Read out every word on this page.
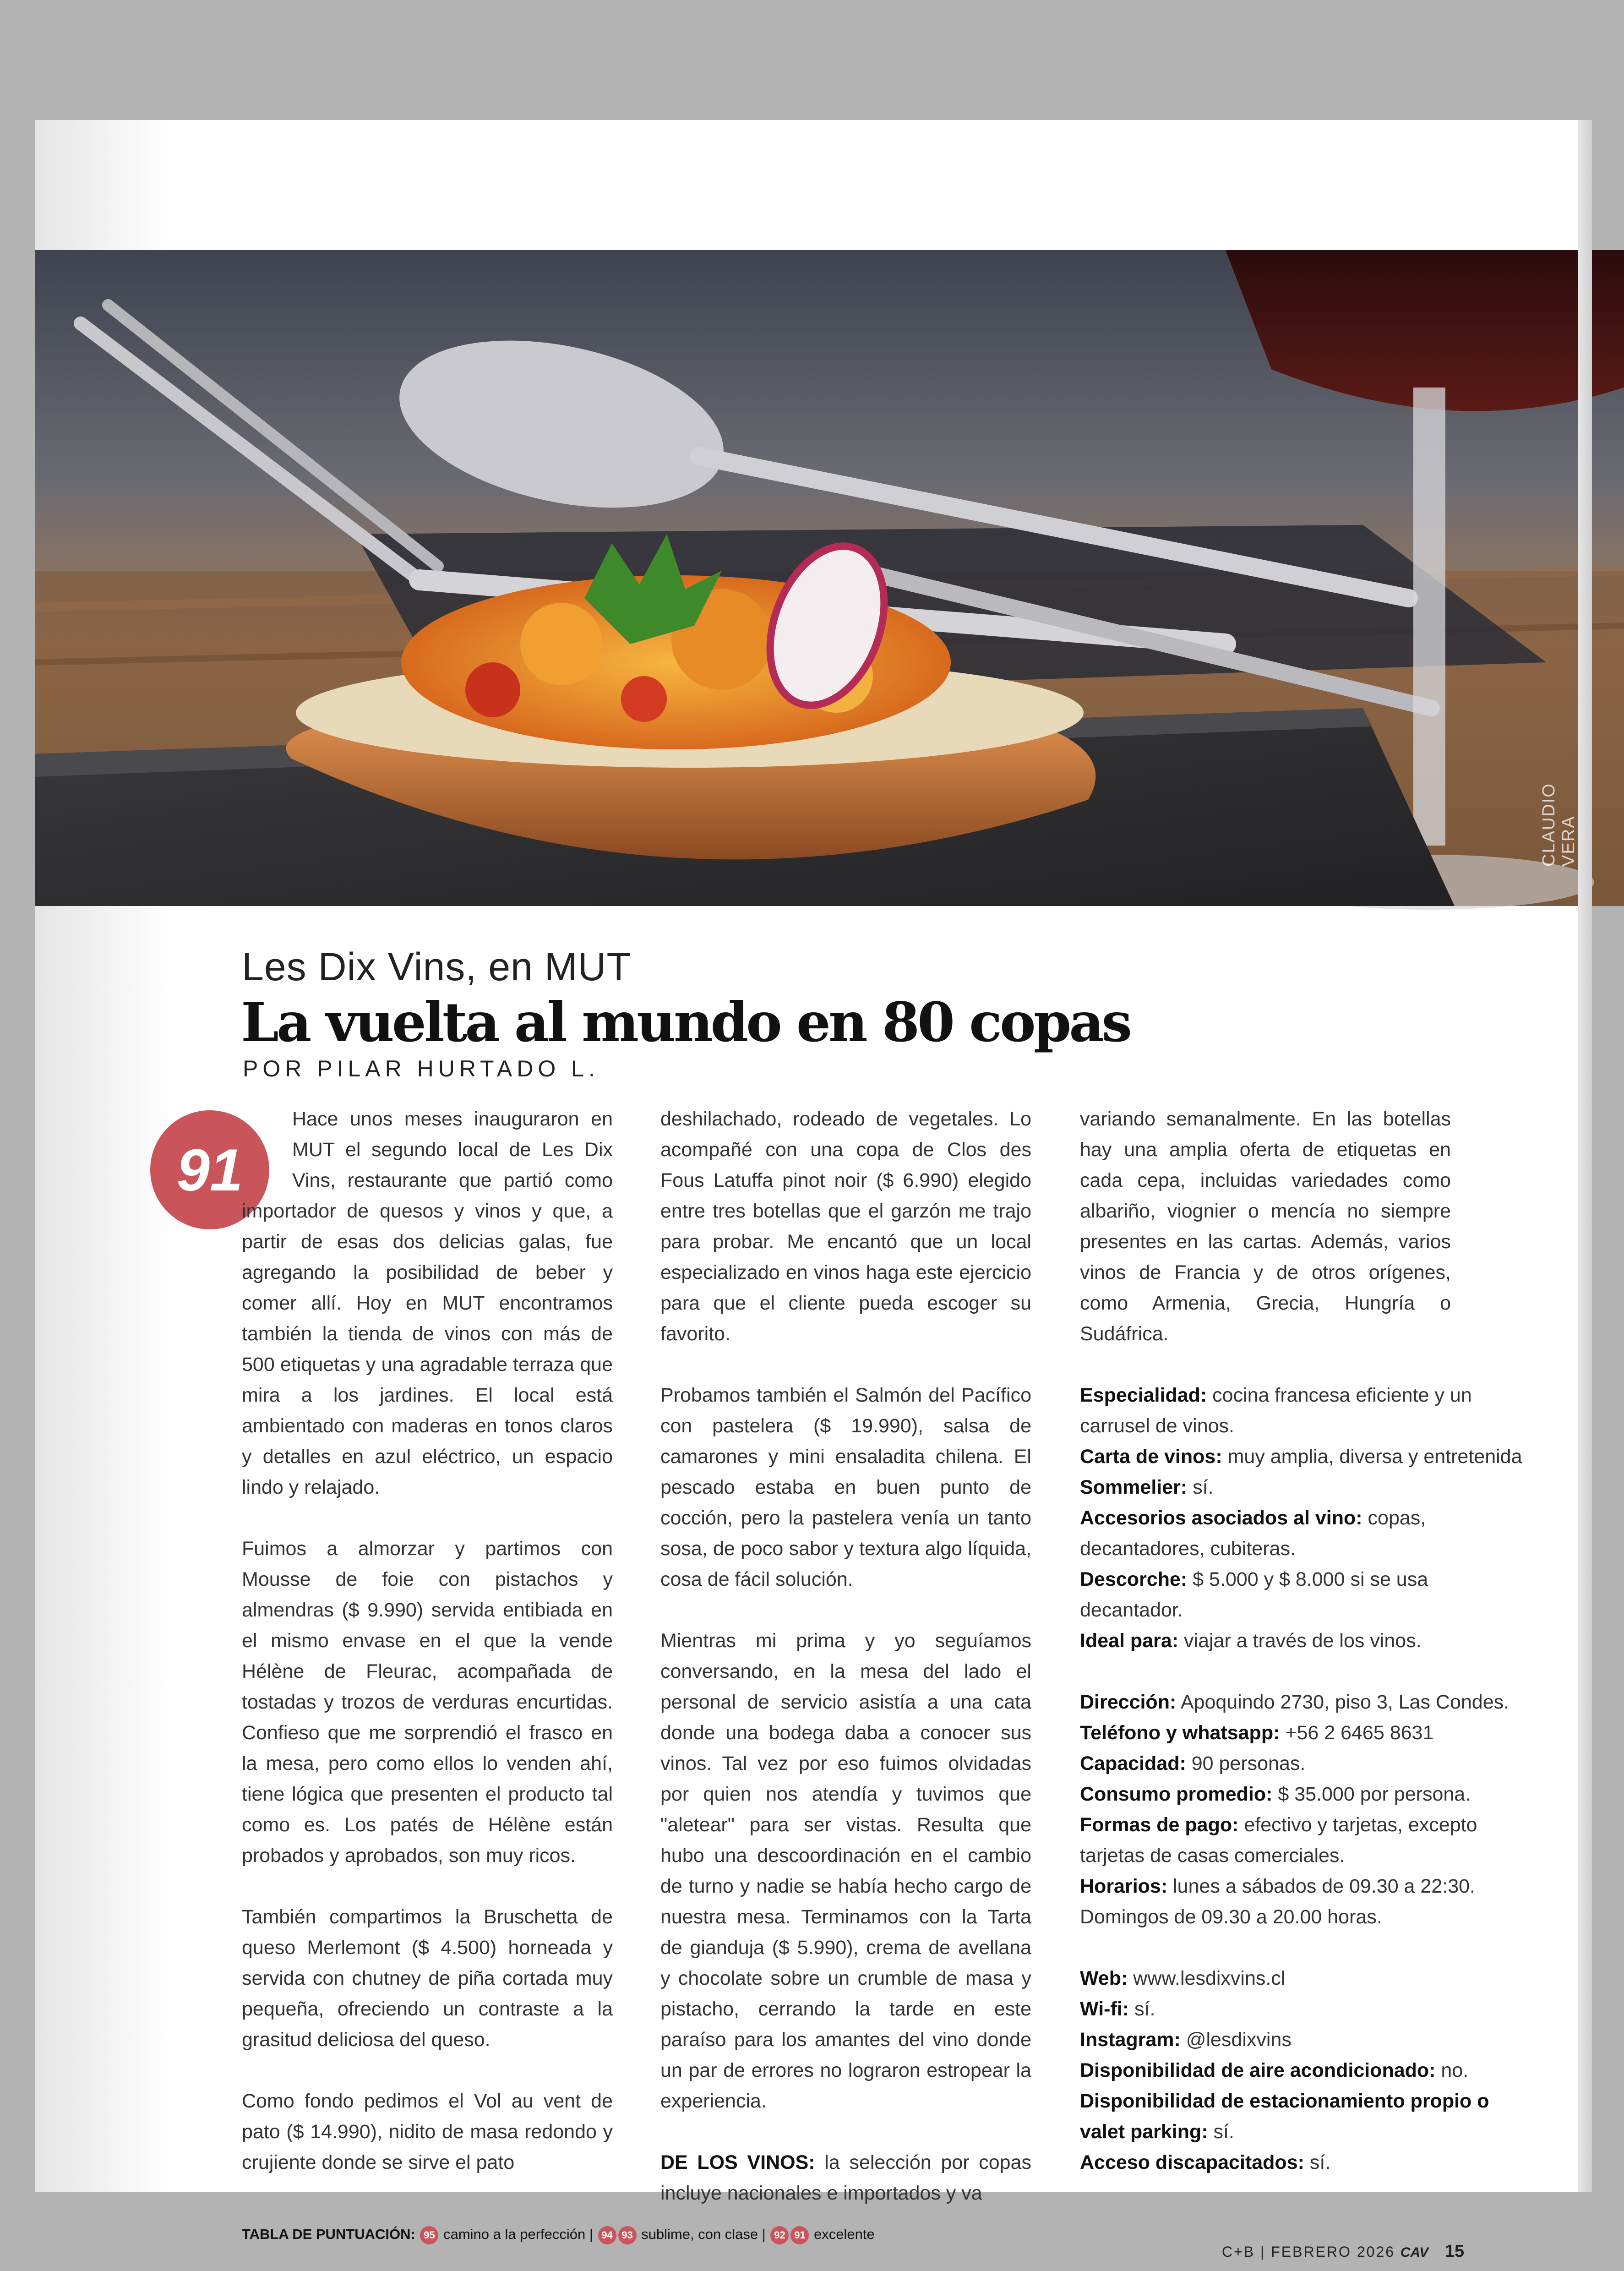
CLAUDIO VERA
Les Dix Vins, en MUT
La vuelta al mundo en 80 copas
POR PILAR HURTADO L.
91

Hace unos meses inauguraron en MUT el segundo local de Les Dix Vins, restaurante que partió como importador de quesos y vinos y que, a partir de esas dos delicias galas, fue agregando la posibilidad de beber y comer allí. Hoy en MUT encontramos también la tienda de vinos con más de 500 etiquetas y una agradable terraza que mira a los jardines. El local está ambientado con maderas en tonos claros y detalles en azul eléctrico, un espacio lindo y relajado.

Fuimos a almorzar y partimos con Mousse de foie con pistachos y almendras ($ 9.990) servida entibiada en el mismo envase en el que la vende Hélène de Fleurac, acompañada de tostadas y trozos de verduras encurtidas. Confieso que me sorprendió el frasco en la mesa, pero como ellos lo venden ahí, tiene lógica que presenten el producto tal como es. Los patés de Hélène están probados y aprobados, son muy ricos.

También compartimos la Bruschetta de queso Merlemont ($ 4.500) horneada y servida con chutney de piña cortada muy pequeña, ofreciendo un contraste a la grasitud deliciosa del queso.

Como fondo pedimos el Vol au vent de pato ($ 14.990), nidito de masa redondo y crujiente donde se sirve el pato

deshilachado, rodeado de vegetales. Lo acompañé con una copa de Clos des Fous Latuffa pinot noir ($ 6.990) elegido entre tres botellas que el garzón me trajo para probar. Me encantó que un local especializado en vinos haga este ejercicio para que el cliente pueda escoger su favorito.

Probamos también el Salmón del Pacífico con pastelera ($ 19.990), salsa de camarones y mini ensaladita chilena. El pescado estaba en buen punto de cocción, pero la pastelera venía un tanto sosa, de poco sabor y textura algo líquida, cosa de fácil solución.

Mientras mi prima y yo seguíamos conversando, en la mesa del lado el personal de servicio asistía a una cata donde una bodega daba a conocer sus vinos. Tal vez por eso fuimos olvidadas por quien nos atendía y tuvimos que "aletear" para ser vistas. Resulta que hubo una descoordinación en el cambio de turno y nadie se había hecho cargo de nuestra mesa. Terminamos con la Tarta de gianduja ($ 5.990), crema de avellana y chocolate sobre un crumble de masa y pistacho, cerrando la tarde en este paraíso para los amantes del vino donde un par de errores no lograron estropear la experiencia.

DE LOS VINOS: la selección por copas incluye nacionales e importados y va

variando semanalmente. En las botellas hay una amplia oferta de etiquetas en cada cepa, incluidas variedades como albariño, viognier o mencía no siempre presentes en las cartas. Además, varios vinos de Francia y de otros orígenes, como Armenia, Grecia, Hungría o Sudáfrica.

Especialidad: cocina francesa eficiente y un carrusel de vinos.
Carta de vinos: muy amplia, diversa y entretenida
Sommelier: sí.
Accesorios asociados al vino: copas, decantadores, cubiteras.
Descorche: $ 5.000 y $ 8.000 si se usa decantador.
Ideal para: viajar a través de los vinos.
Dirección: Apoquindo 2730, piso 3, Las Condes.
Teléfono y whatsapp: +56 2 6465 8631
Capacidad: 90 personas.
Consumo promedio: $ 35.000 por persona.
Formas de pago: efectivo y tarjetas, excepto tarjetas de casas comerciales.
Horarios: lunes a sábados de 09.30 a 22:30. Domingos de 09.30 a 20.00 horas.
Web: www.lesdixvins.cl
Wi-fi: sí.
Instagram: @lesdixvins
Disponibilidad de aire acondicionado: no.
Disponibilidad de estacionamiento propio o valet parking: sí.
Acceso discapacitados: sí.
TABLA DE PUNTUACIÓN: 95 camino a la perfección | 94 93 sublime, con clase | 92 91 excelente
C+B | FEBRERO 2026 CAV 15
